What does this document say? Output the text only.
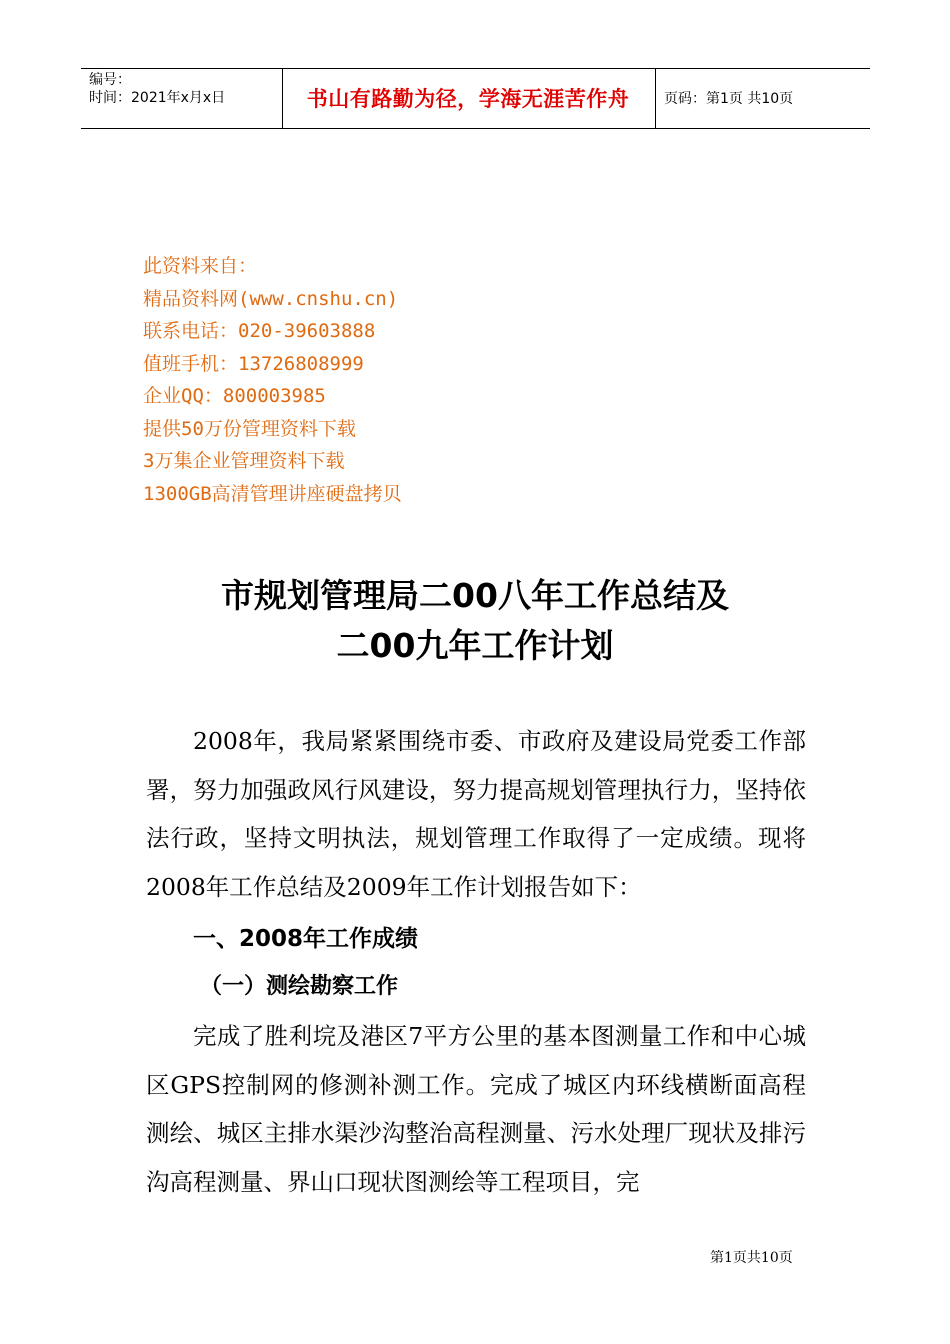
编号：
时间：2021年x月x日	书山有路勤为径，学海无涯苦作舟	页码：第1页 共10页
此资料来自：
精品资料网(www.cnshu.cn)
联系电话：020-39603888
值班手机：13726808999
企业QQ：800003985
提供50万份管理资料下载
3万集企业管理资料下载
1300GB高清管理讲座硬盘拷贝
市规划管理局二00八年工作总结及
二00九年工作计划
2008年，我局紧紧围绕市委、市政府及建设局党委工作部署，努力加强政风行风建设，努力提高规划管理执行力，坚持依法行政，坚持文明执法，规划管理工作取得了一定成绩。现将2008年工作总结及2009年工作计划报告如下：
一、2008年工作成绩
（一）测绘勘察工作
完成了胜利垸及港区7平方公里的基本图测量工作和中心城区GPS控制网的修测补测工作。完成了城区内环线横断面高程测绘、城区主排水渠沙沟整治高程测量、污水处理厂现状及排污沟高程测量、界山口现状图测绘等工程项目，完
第1页共10页
